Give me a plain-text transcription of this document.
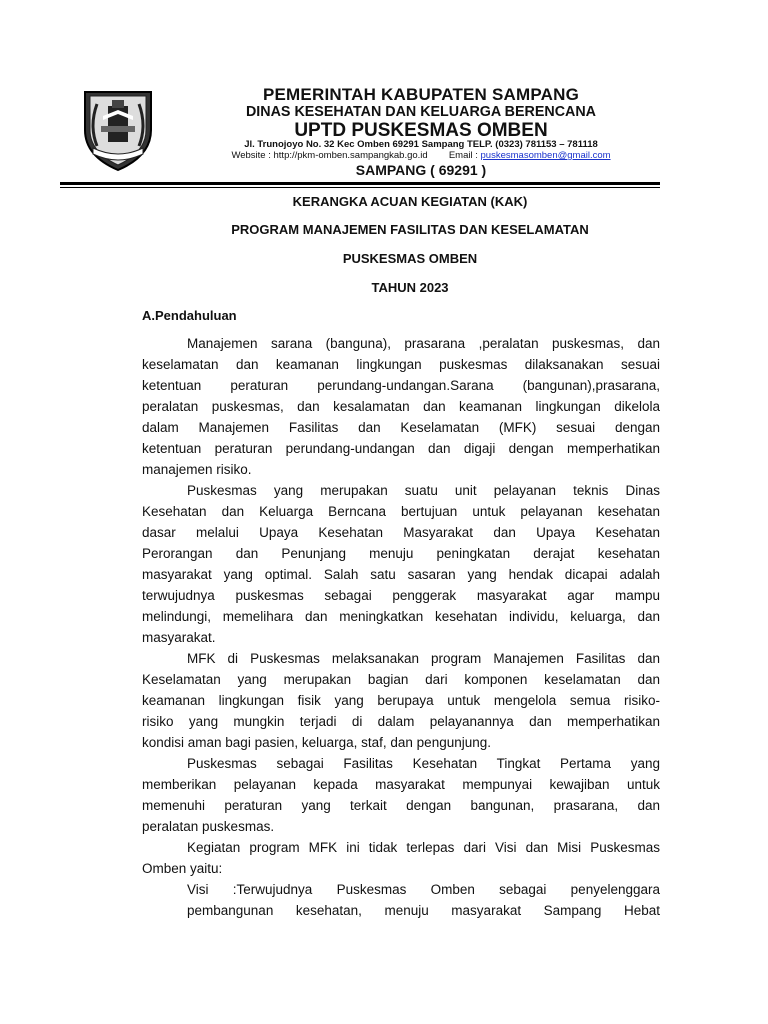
PEMERINTAH KABUPATEN SAMPANG
DINAS KESEHATAN DAN KELUARGA BERENCANA
UPTD PUSKESMAS OMBEN
Jl. Trunojoyo No. 32 Kec Omben 69291 Sampang TELP. (0323) 781153 – 781118
Website : http://pkm-omben.sampangkab.go.id Email : puskesmasomben@gmail.com
SAMPANG ( 69291 )
KERANGKA ACUAN KEGIATAN (KAK)
PROGRAM MANAJEMEN FASILITAS DAN KESELAMATAN
PUSKESMAS OMBEN
TAHUN 2023
A.Pendahuluan
Manajemen sarana (banguna), prasarana ,peralatan puskesmas, dan
keselamatan dan keamanan lingkungan puskesmas dilaksanakan sesuai
ketentuan peraturan perundang-undangan.Sarana (bangunan),prasarana,
peralatan puskesmas, dan kesalamatan dan keamanan lingkungan dikelola
dalam Manajemen Fasilitas dan Keselamatan (MFK) sesuai dengan
ketentuan peraturan perundang-undangan dan digaji dengan memperhatikan
manajemen risiko.
Puskesmas yang merupakan suatu unit pelayanan teknis Dinas
Kesehatan dan Keluarga Berncana bertujuan untuk pelayanan kesehatan
dasar melalui Upaya Kesehatan Masyarakat dan Upaya Kesehatan
Perorangan dan Penunjang menuju peningkatan derajat kesehatan
masyarakat yang optimal. Salah satu sasaran yang hendak dicapai adalah
terwujudnya puskesmas sebagai penggerak masyarakat agar mampu
melindungi, memelihara dan meningkatkan kesehatan individu, keluarga, dan
masyarakat.
MFK di Puskesmas melaksanakan program Manajemen Fasilitas dan
Keselamatan yang merupakan bagian dari komponen keselamatan dan
keamanan lingkungan fisik yang berupaya untuk mengelola semua risiko-
risiko yang mungkin terjadi di dalam pelayanannya dan memperhatikan
kondisi aman bagi pasien, keluarga, staf, dan pengunjung.
Puskesmas sebagai Fasilitas Kesehatan Tingkat Pertama yang
memberikan pelayanan kepada masyarakat mempunyai kewajiban untuk
memenuhi peraturan yang terkait dengan bangunan, prasarana, dan
peralatan puskesmas.
Kegiatan program MFK ini tidak terlepas dari Visi dan Misi Puskesmas
Omben yaitu:
Visi :Terwujudnya Puskesmas Omben sebagai penyelenggara
pembangunan kesehatan, menuju masyarakat Sampang Hebat
